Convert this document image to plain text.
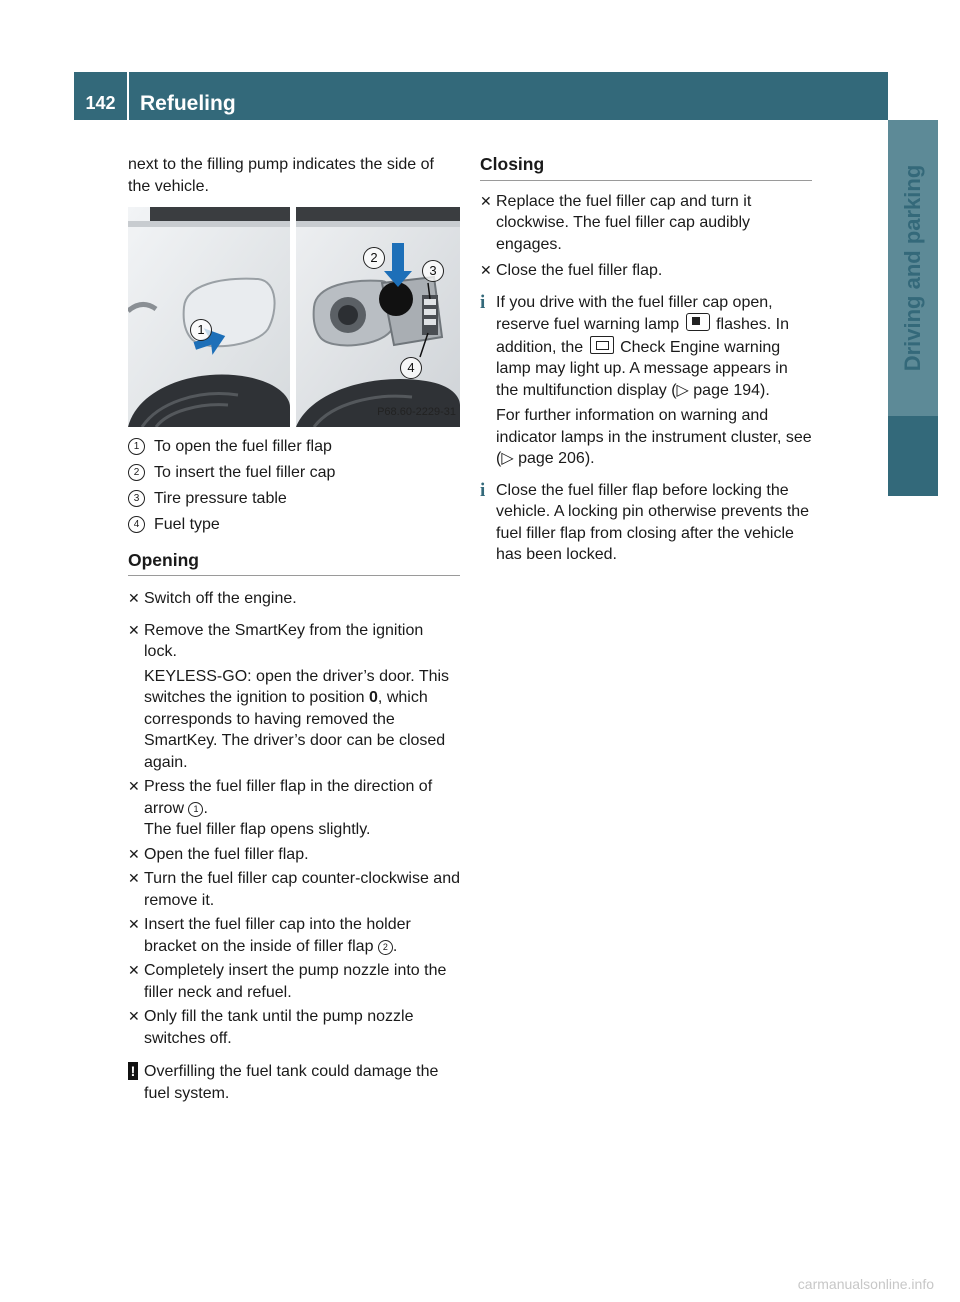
142	Refueling
Driving and parking

next to the filling pump indicates the side of the vehicle.

1
2
3
4
P68.60-2229-31
1 To open the fuel filler flap
2 To insert the fuel filler cap
3 Tire pressure table
4 Fuel type

Opening

✕ Switch off the engine.
✕ Remove the SmartKey from the ignition lock.

KEYLESS-GO: open the driver’s door. This switches the ignition to position 0, which corresponds to having removed the SmartKey. The driver’s door can be closed again.

✕ Press the fuel filler flap in the direction of arrow 1 .

The fuel filler flap opens slightly.

✕ Open the fuel filler flap.
✕ Turn the fuel filler cap counter-clockwise and remove it.
✕ Insert the fuel filler cap into the holder bracket on the inside of filler flap 2 .
✕ Completely insert the pump nozzle into the filler neck and refuel.
✕ Only fill the tank until the pump nozzle switches off.
! Overfilling the fuel tank could damage the fuel system.

Closing

✕ Replace the fuel filler cap and turn it clockwise. The fuel filler cap audibly engages.
✕ Close the fuel filler flap.
i If you drive with the fuel filler cap open, reserve fuel warning lamp  flashes. In addition, the  Check Engine warning lamp may light up. A message appears in the multifunction display (▷ page 194).

For further information on warning and indicator lamps in the instrument cluster, see (▷ page 206).

i Close the fuel filler flap before locking the vehicle. A locking pin otherwise prevents the fuel filler flap from closing after the vehicle has been locked.
carmanualsonline.info
